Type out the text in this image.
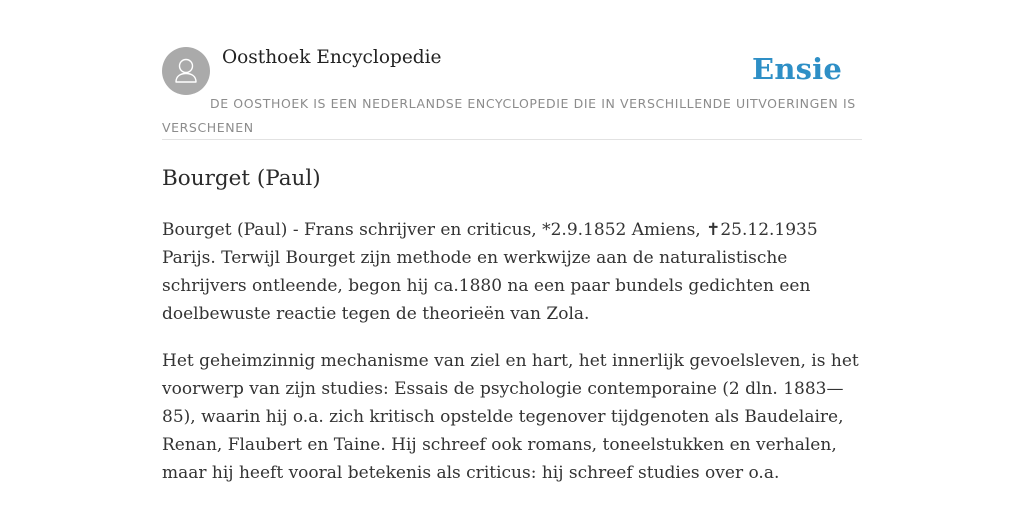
Oosthoek Encyclopedie	Ensie
DE OOSTHOEK IS EEN NEDERLANDSE ENCYCLOPEDIE DIE IN VERSCHILLENDE UITVOERINGEN IS VERSCHENEN
Bourget (Paul)

Bourget (Paul) - Frans schrijver en criticus, *2.9.1852 Amiens, ✝25.12.1935 Parijs. Terwijl Bourget zijn methode en werkwijze aan de naturalistische schrijvers ontleende, begon hij ca.1880 na een paar bundels gedichten een doelbewuste reactie tegen de theorieën van Zola.

Het geheimzinnig mechanisme van ziel en hart, het innerlijk gevoelsleven, is het voorwerp van zijn studies: Essais de psychologie contemporaine (2 dln. 1883—85), waarin hij o.a. zich kritisch opstelde tegenover tijdgenoten als Baudelaire, Renan, Flaubert en Taine. Hij schreef ook romans, toneelstukken en verhalen, maar hij heeft vooral betekenis als criticus: hij schreef studies over o.a.
